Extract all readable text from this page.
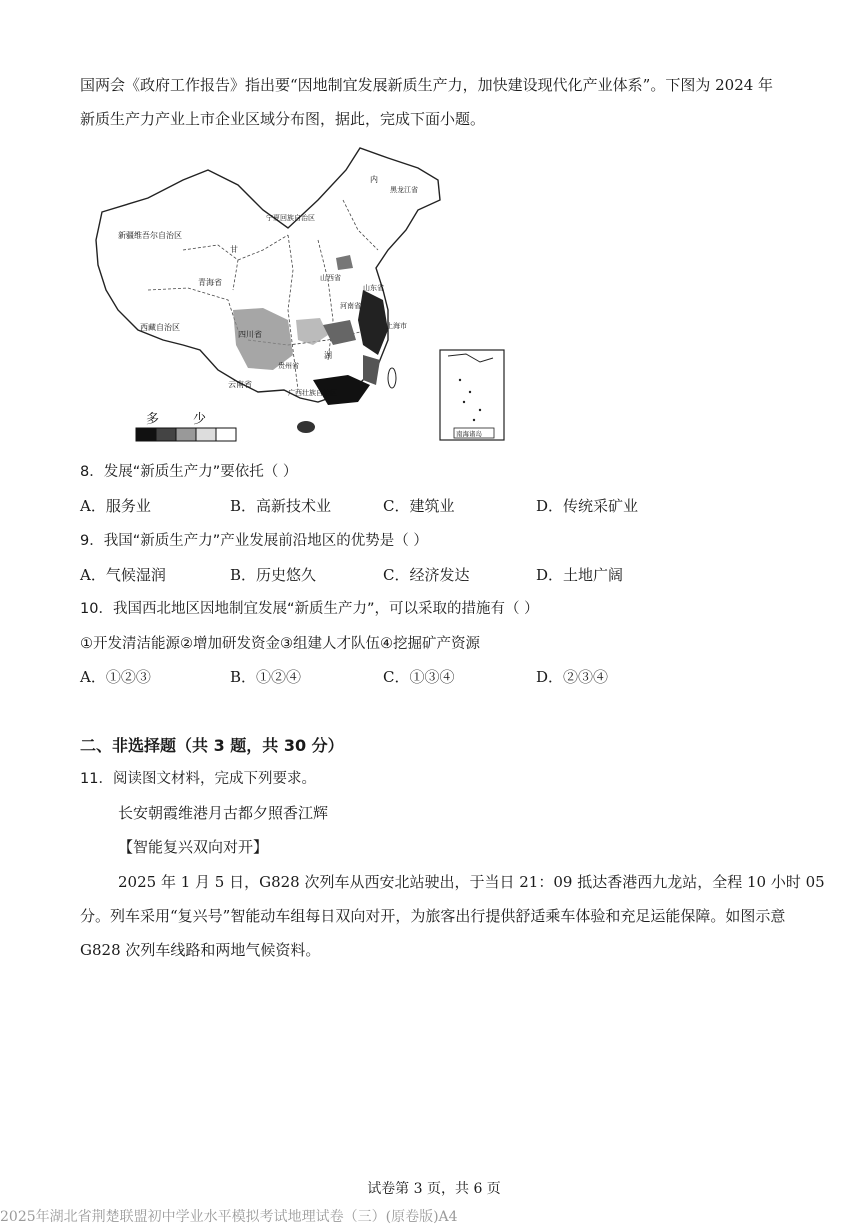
国两会《政府工作报告》指出要“因地制宜发展新质生产力，加快建设现代化产业体系”。下图为 2024 年
新质生产力产业上市企业区域分布图，据此，完成下面小题。
新疆维吾尔自治区
西藏自治区
青海省
甘
宁夏回族自治区
内
黑龙江省
四川省
云南省
贵州省
广西壮族自治区
上海市
山东省
湖
河南省
山西省
南海诸岛
多	少
8．发展“新质生产力”要依托（ ）
A．服务业	B．高新技术业	C．建筑业	D．传统采矿业
9．我国“新质生产力”产业发展前沿地区的优势是（ ）
A．气候湿润	B．历史悠久	C．经济发达	D．土地广阔
10．我国西北地区因地制宜发展“新质生产力”，可以采取的措施有（ ）
①开发清洁能源②增加研发资金③组建人才队伍④挖掘矿产资源
A．①②③	B．①②④	C．①③④	D．②③④
二、非选择题（共 3 题，共 30 分）
11．阅读图文材料，完成下列要求。
长安朝霞维港月古都夕照香江辉
【智能复兴双向对开】
2025 年 1 月 5 日，G828 次列车从西安北站驶出，于当日 21：09 抵达香港西九龙站，全程 10 小时 05
分。列车采用“复兴号”智能动车组每日双向对开，为旅客出行提供舒适乘车体验和充足运能保障。如图示意
G828 次列车线路和两地气候资料。
试卷第 3 页，共 6 页
2025年湖北省荆楚联盟初中学业水平模拟考试地理试卷（三）(原卷版)A4
